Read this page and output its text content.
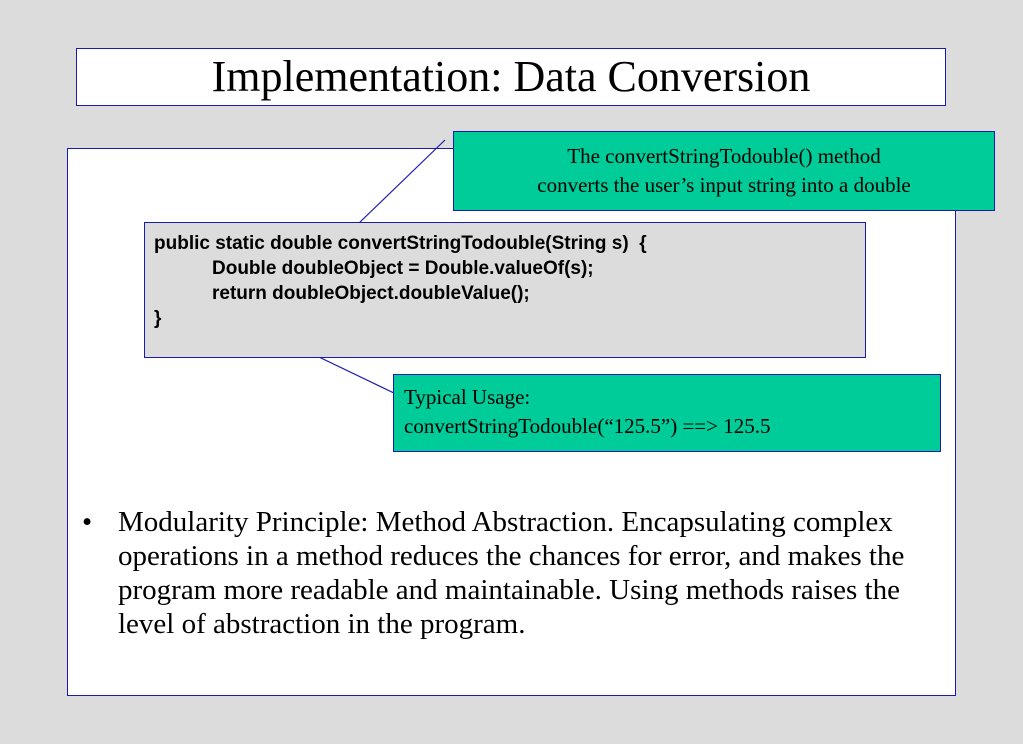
Implementation: Data Conversion
public static double convertStringTodouble(String s)  {
Double doubleObject = Double.valueOf(s);
return doubleObject.doubleValue();
}
The convertStringTodouble() method
converts the user’s input string into a double
Typical Usage:
convertStringTodouble(“125.5”) ==> 125.5
• Modularity Principle: Method Abstraction. Encapsulating complex operations in a method reduces the chances for error, and makes the program more readable and maintainable. Using methods raises the level of abstraction in the program.
